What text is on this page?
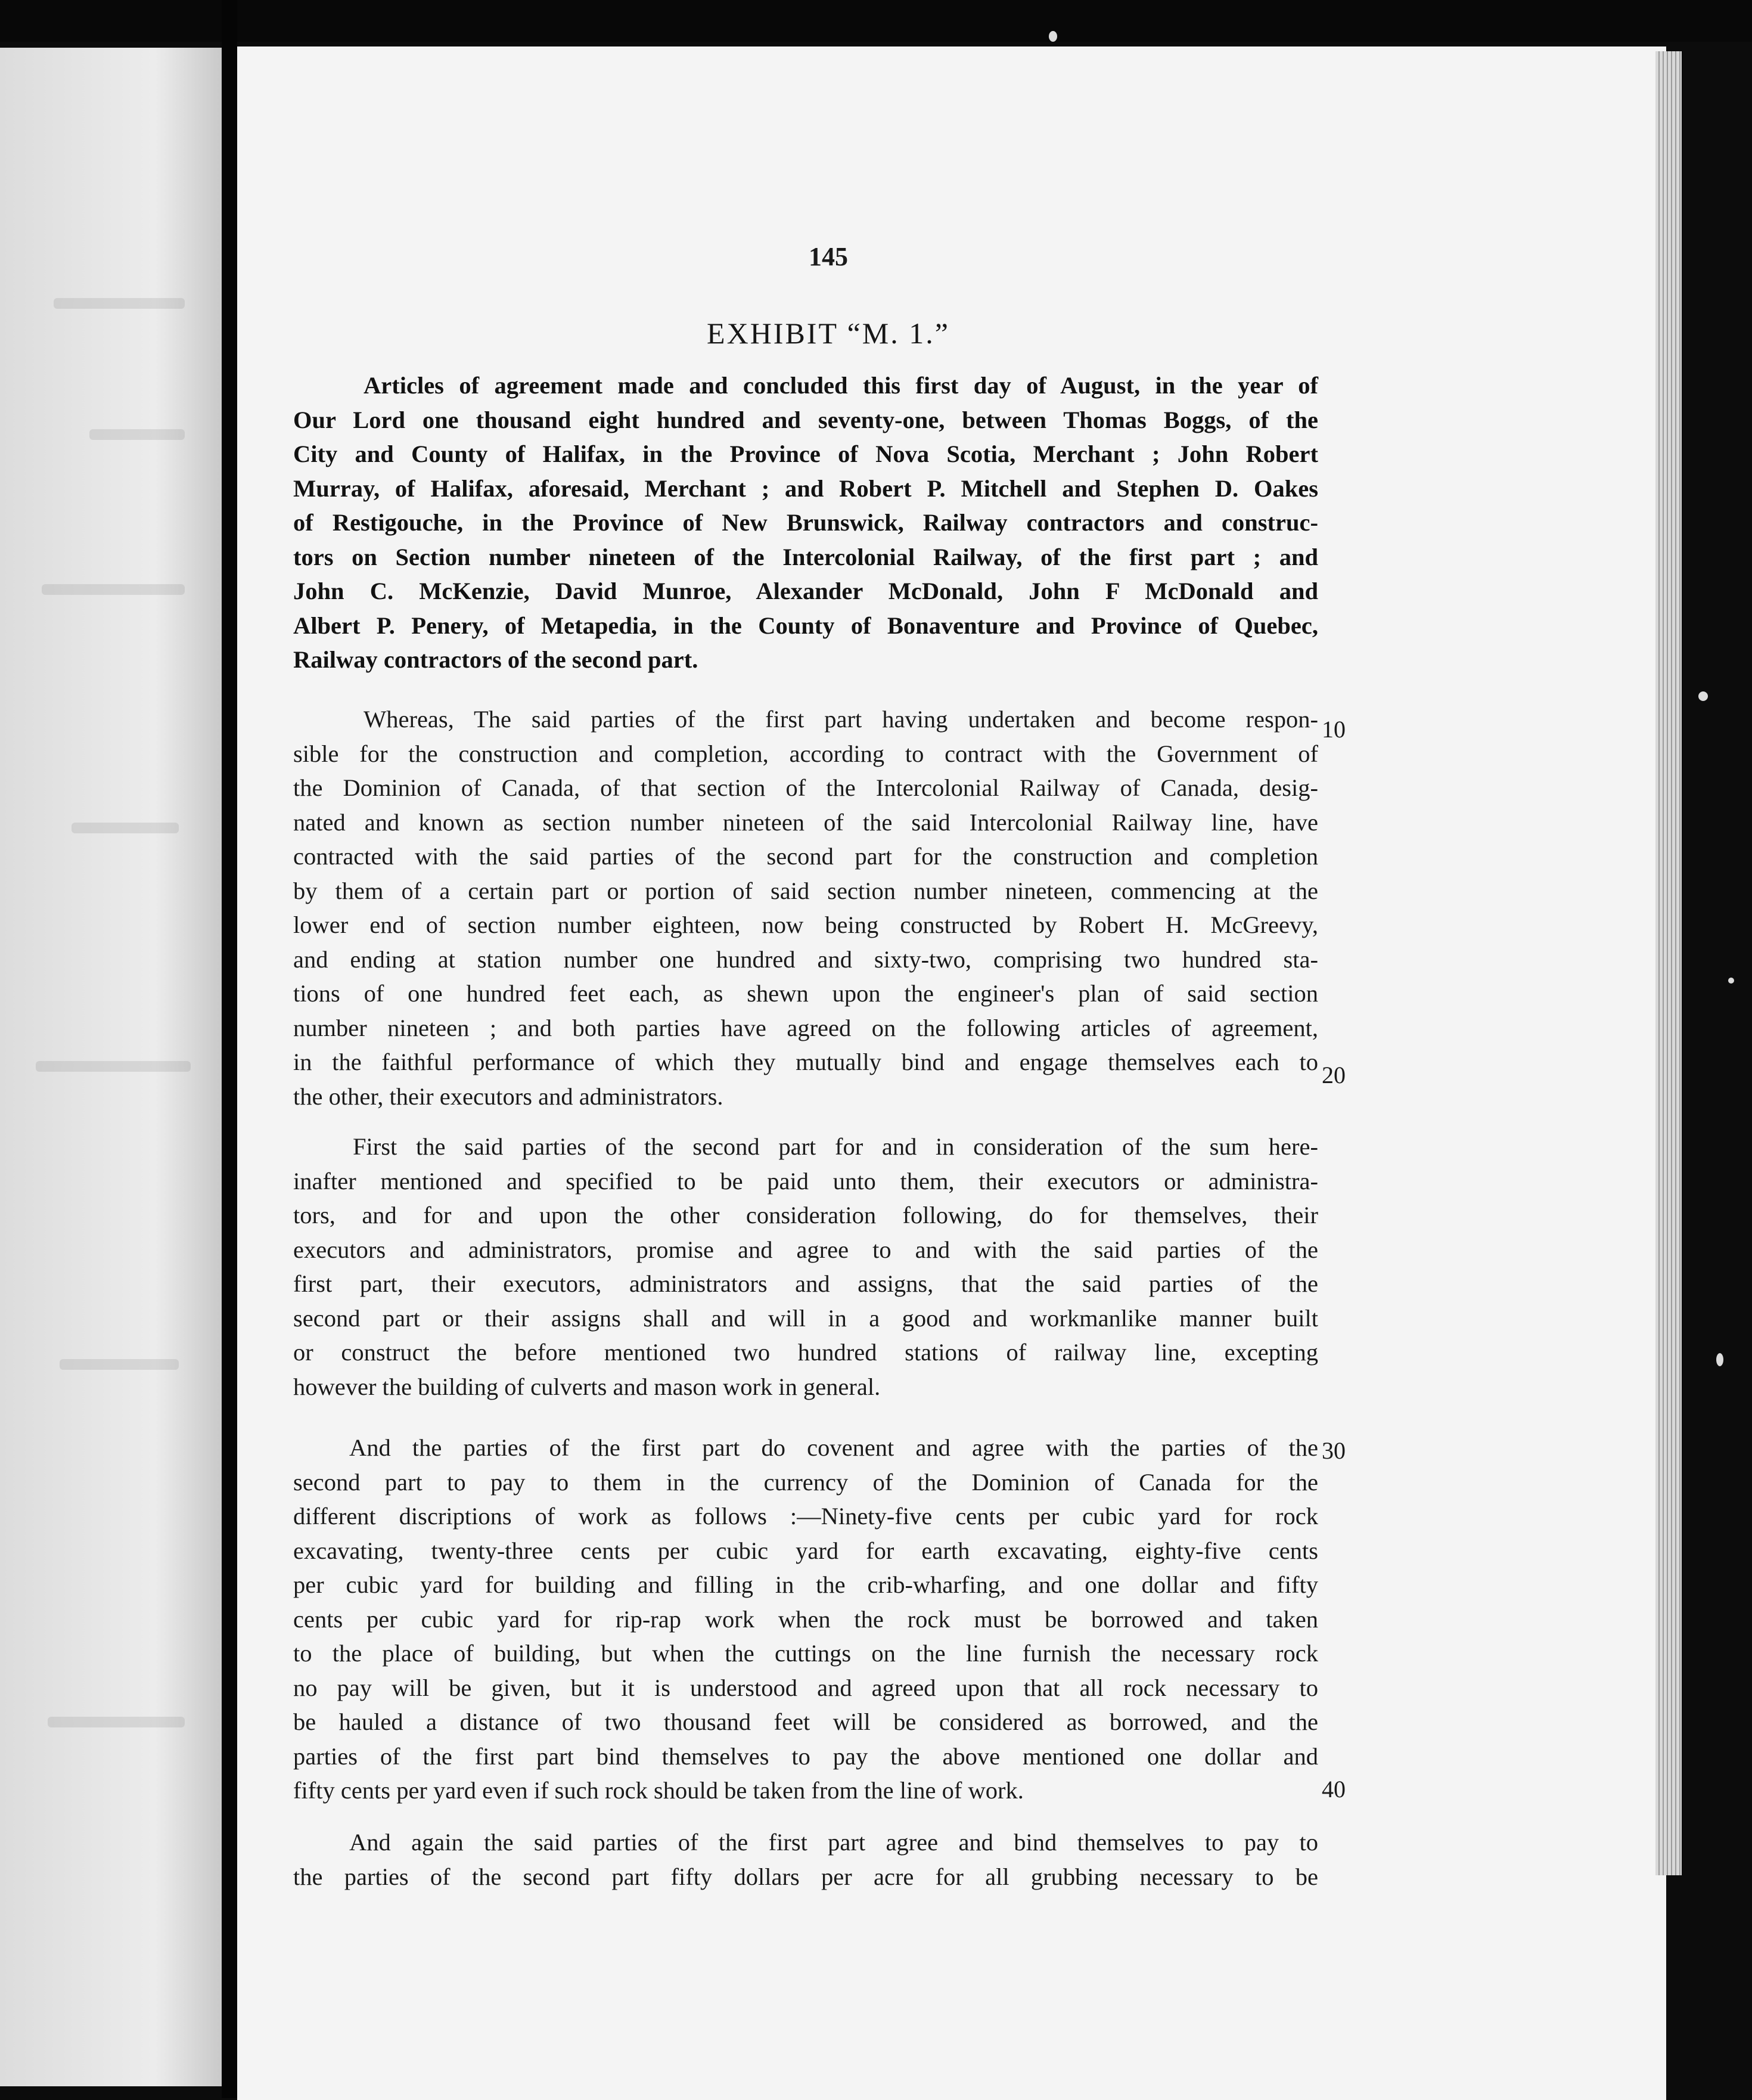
145
EXHIBIT “M. 1.”
Articles of agreement made and concluded this first day of August, in the year of
Our Lord one thousand eight hundred and seventy-one, between Thomas Boggs, of the
City and County of Halifax, in the Province of Nova Scotia, Merchant ; John Robert
Murray, of Halifax, aforesaid, Merchant ; and Robert P. Mitchell and Stephen D. Oakes
of Restigouche, in the Province of New Brunswick, Railway contractors and construc-
tors on Section number nineteen of the Intercolonial Railway, of the first part ; and
John C. McKenzie, David Munroe, Alexander McDonald, John F McDonald and
Albert P. Penery, of Metapedia, in the County of Bonaventure and Province of Quebec,
Railway contractors of the second part.
Whereas, The said parties of the first part having undertaken and become respon-
sible for the construction and completion, according to contract with the Government of
the Dominion of Canada, of that section of the Intercolonial Railway of Canada, desig-
nated and known as section number nineteen of the said Intercolonial Railway line, have
contracted with the said parties of the second part for the construction and completion
by them of a certain part or portion of said section number nineteen, commencing at the
lower end of section number eighteen, now being constructed by Robert H. McGreevy,
and ending at station number one hundred and sixty-two, comprising two hundred sta-
tions of one hundred feet each, as shewn upon the engineer's plan of said section
number nineteen ; and both parties have agreed on the following articles of agreement,
in the faithful performance of which they mutually bind and engage themselves each to
the other, their executors and administrators.
First the said parties of the second part for and in consideration of the sum here-
inafter mentioned and specified to be paid unto them, their executors or administra-
tors, and for and upon the other consideration following, do for themselves, their
executors and administrators, promise and agree to and with the said parties of the
first part, their executors, administrators and assigns, that the said parties of the
second part or their assigns shall and will in a good and workmanlike manner built
or construct the before mentioned two hundred stations of railway line, excepting
however the building of culverts and mason work in general.
And the parties of the first part do covenent and agree with the parties of the
second part to pay to them in the currency of the Dominion of Canada for the
different discriptions of work as follows :—Ninety-five cents per cubic yard for rock
excavating, twenty-three cents per cubic yard for earth excavating, eighty-five cents
per cubic yard for building and filling in the crib-wharfing, and one dollar and fifty
cents per cubic yard for rip-rap work when the rock must be borrowed and taken
to the place of building, but when the cuttings on the line furnish the necessary rock
no pay will be given, but it is understood and agreed upon that all rock necessary to
be hauled a distance of two thousand feet will be considered as borrowed, and the
parties of the first part bind themselves to pay the above mentioned one dollar and
fifty cents per yard even if such rock should be taken from the line of work.
And again the said parties of the first part agree and bind themselves to pay to
the parties of the second part fifty dollars per acre for all grubbing necessary to be
10
20
30
40
